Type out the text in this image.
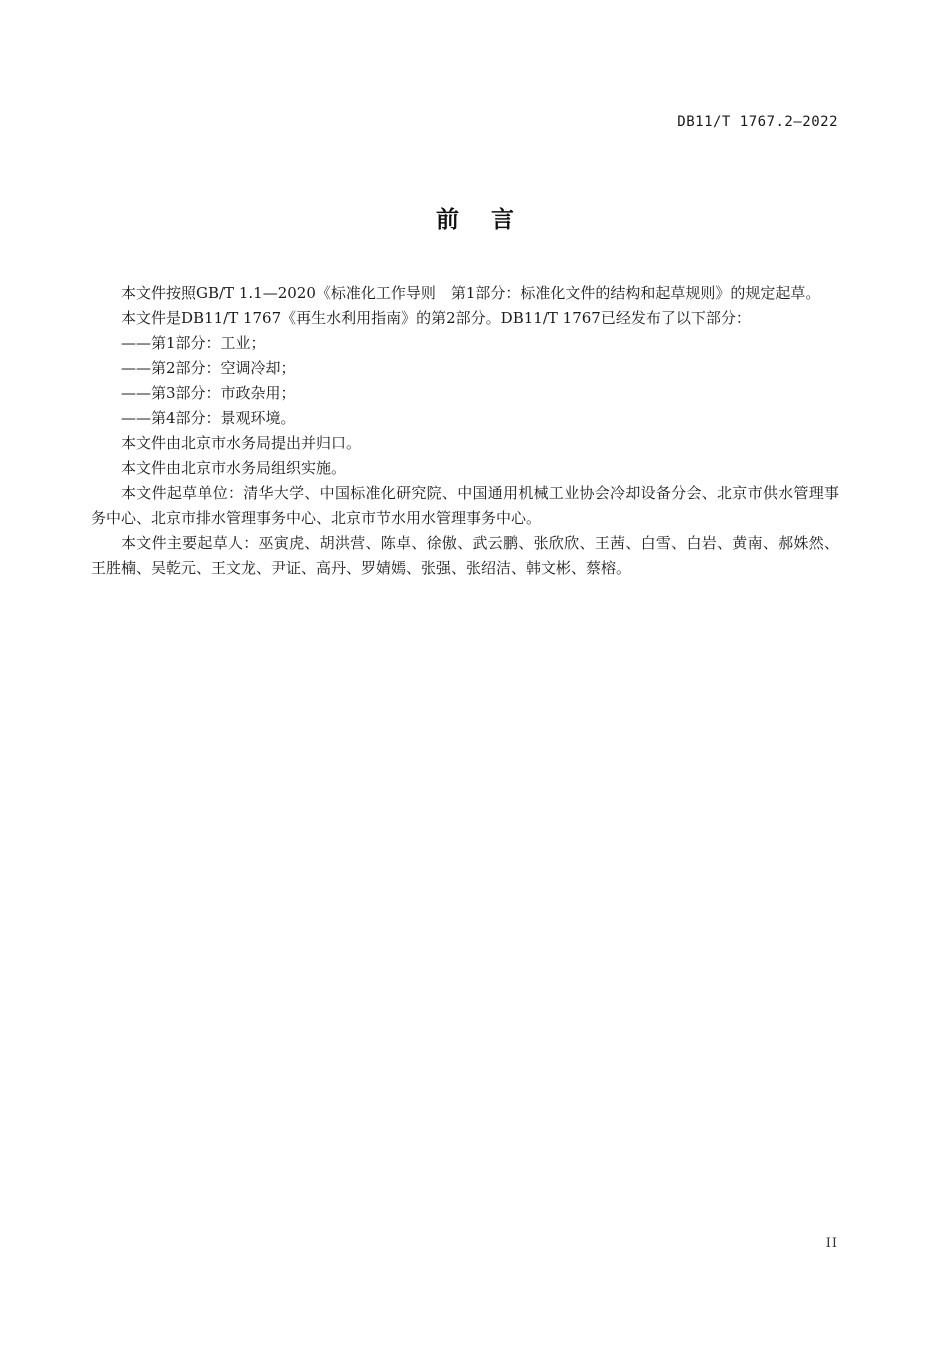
DB11/T 1767.2—2022
前    言

本文件按照GB/T 1.1—2020《标准化工作导则　第1部分：标准化文件的结构和起草规则》的规定起草。

本文件是DB11/T 1767《再生水利用指南》的第2部分。DB11/T 1767已经发布了以下部分：

——第1部分：工业；

——第2部分：空调冷却；

——第3部分：市政杂用；

——第4部分：景观环境。

本文件由北京市水务局提出并归口。

本文件由北京市水务局组织实施。

本文件起草单位：清华大学、中国标准化研究院、中国通用机械工业协会冷却设备分会、北京市供水管理事务中心、北京市排水管理事务中心、北京市节水用水管理事务中心。

本文件主要起草人：巫寅虎、胡洪营、陈卓、徐傲、武云鹏、张欣欣、王茜、白雪、白岩、黄南、郝姝然、王胜楠、吴乾元、王文龙、尹证、高丹、罗婧嫣、张强、张绍洁、韩文彬、蔡榕。

II
